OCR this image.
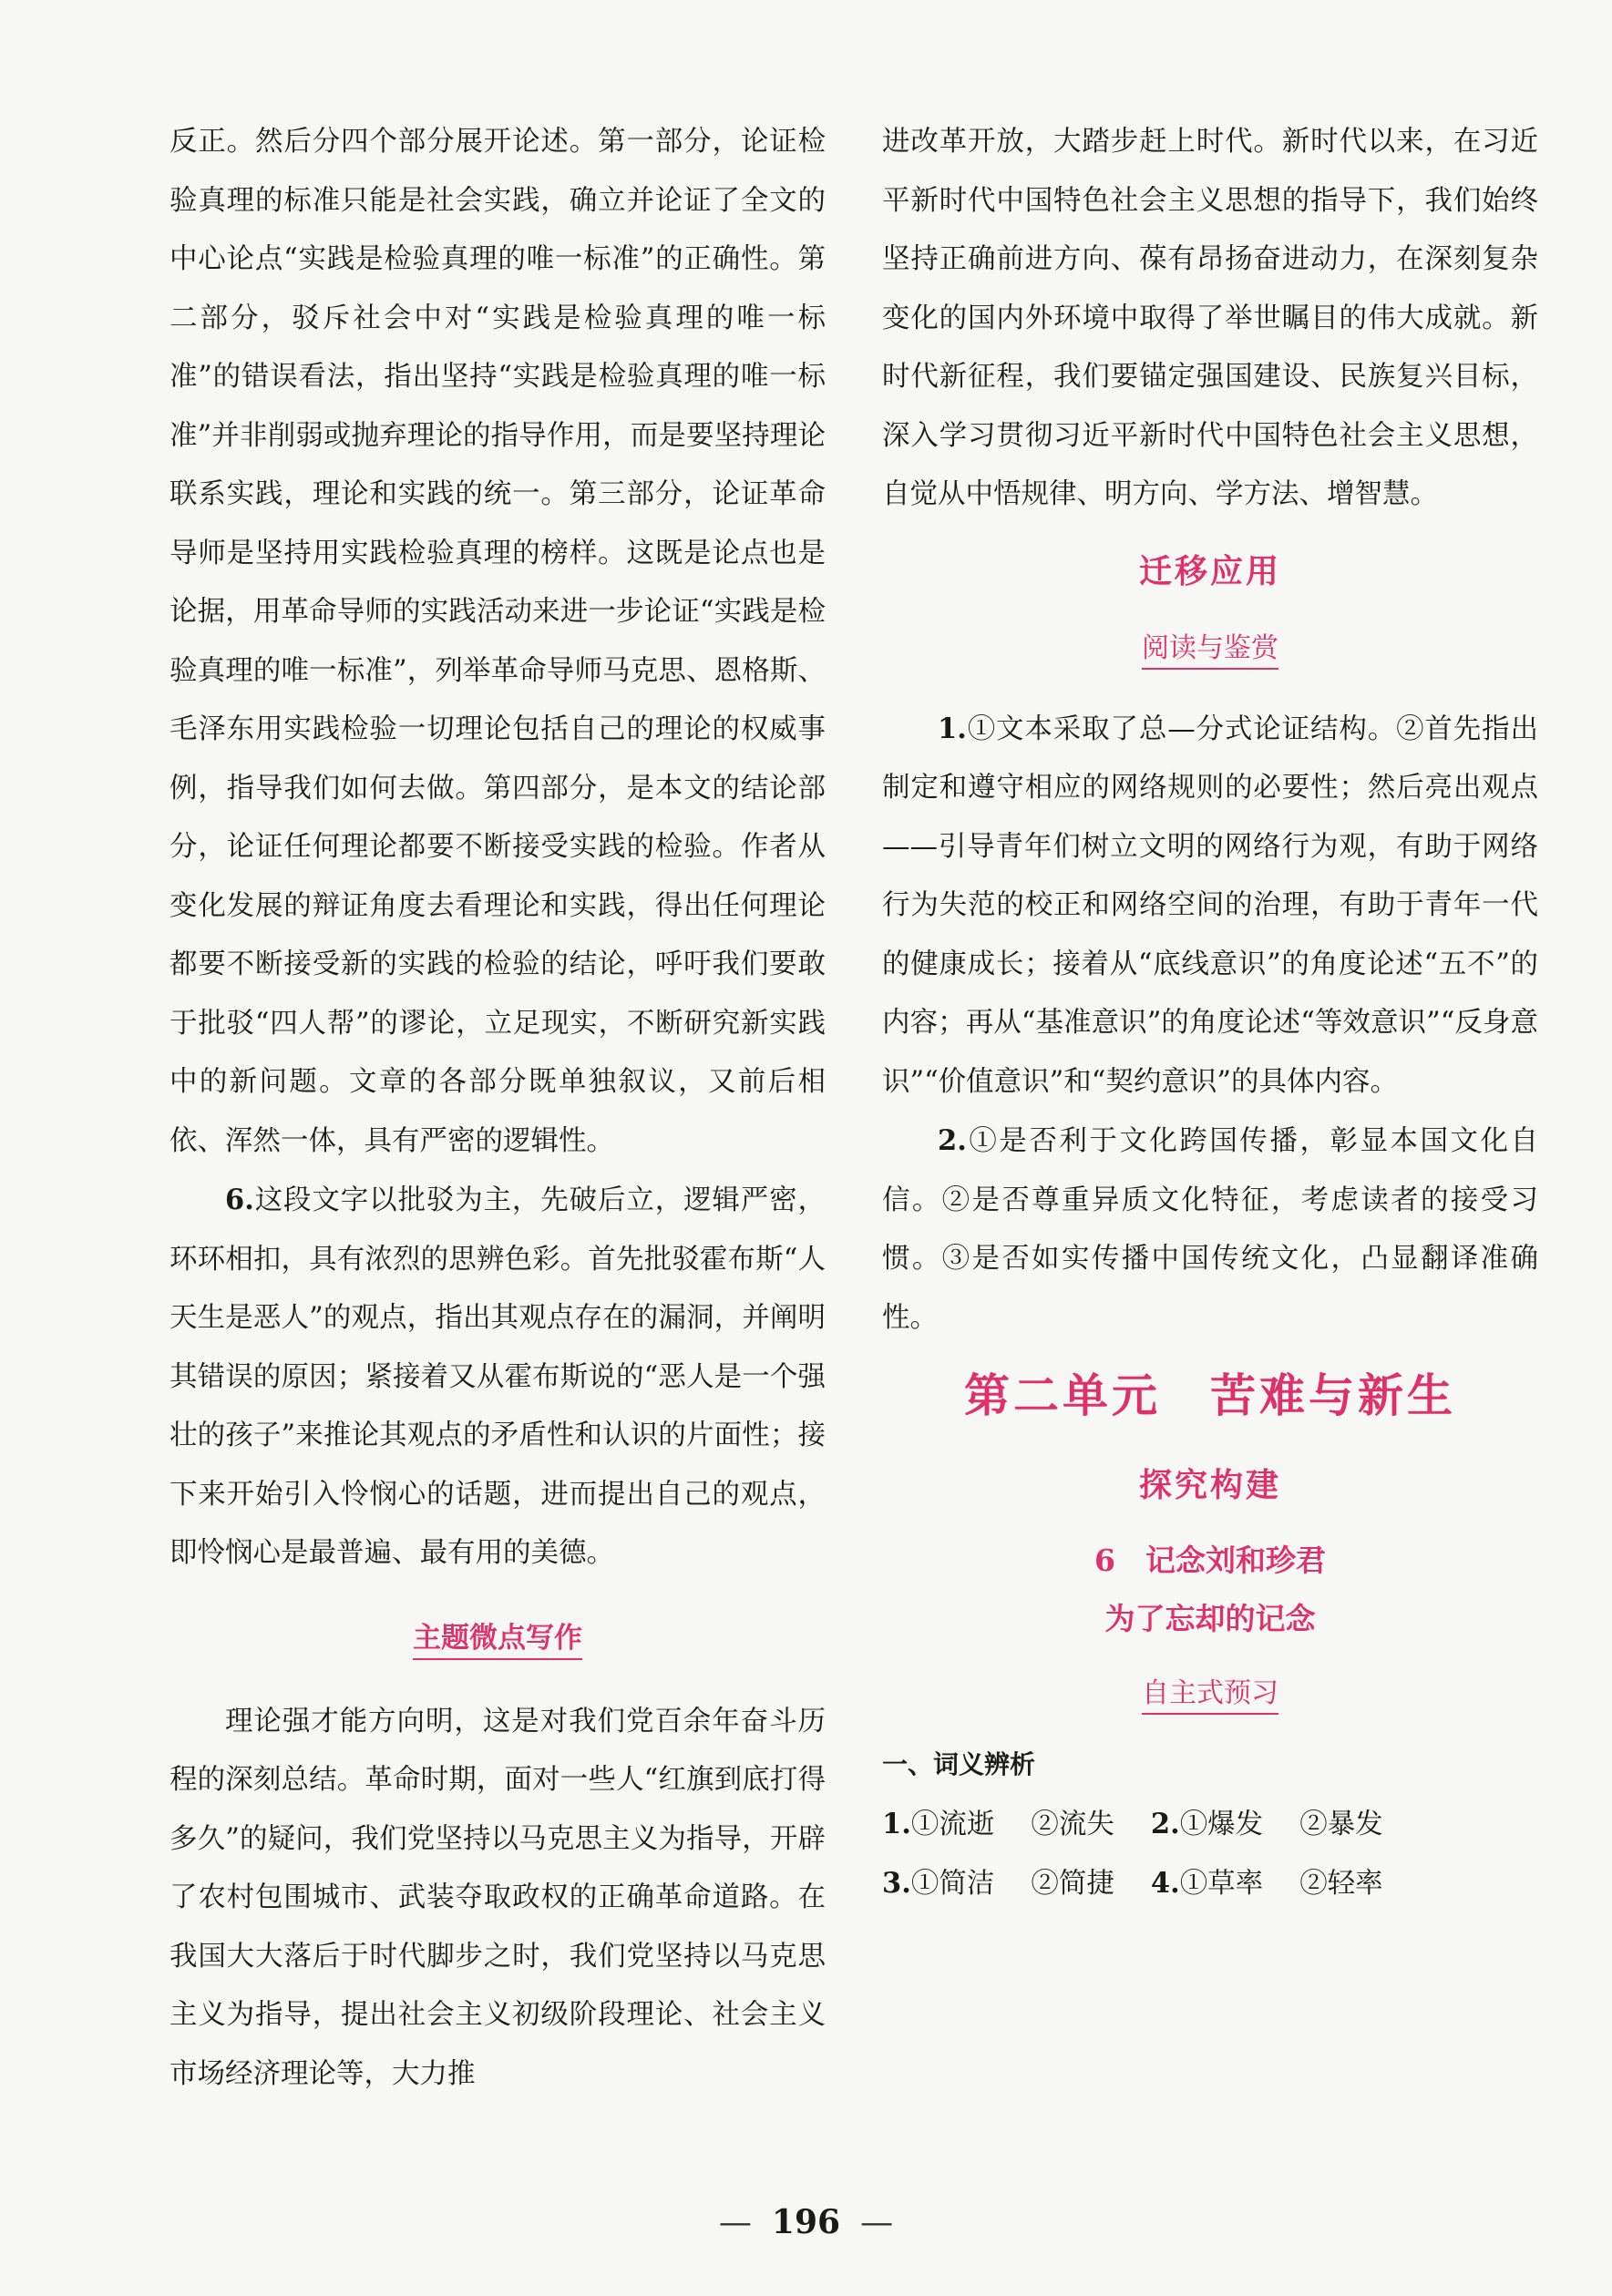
反正。然后分四个部分展开论述。第一部分，论证检验真理的标准只能是社会实践，确立并论证了全文的中心论点“实践是检验真理的唯一标准”的正确性。第二部分，驳斥社会中对“实践是检验真理的唯一标准”的错误看法，指出坚持“实践是检验真理的唯一标准”并非削弱或抛弃理论的指导作用，而是要坚持理论联系实践，理论和实践的统一。第三部分，论证革命导师是坚持用实践检验真理的榜样。这既是论点也是论据，用革命导师的实践活动来进一步论证“实践是检验真理的唯一标准”，列举革命导师马克思、恩格斯、毛泽东用实践检验一切理论包括自己的理论的权威事例，指导我们如何去做。第四部分，是本文的结论部分，论证任何理论都要不断接受实践的检验。作者从变化发展的辩证角度去看理论和实践，得出任何理论都要不断接受新的实践的检验的结论，呼吁我们要敢于批驳“四人帮”的谬论，立足现实，不断研究新实践中的新问题。文章的各部分既单独叙议，又前后相依、浑然一体，具有严密的逻辑性。

6.这段文字以批驳为主，先破后立，逻辑严密，环环相扣，具有浓烈的思辨色彩。首先批驳霍布斯“人天生是恶人”的观点，指出其观点存在的漏洞，并阐明其错误的原因；紧接着又从霍布斯说的“恶人是一个强壮的孩子”来推论其观点的矛盾性和认识的片面性；接下来开始引入怜悯心的话题，进而提出自己的观点，即怜悯心是最普遍、最有用的美德。

主题微点写作

理论强才能方向明，这是对我们党百余年奋斗历程的深刻总结。革命时期，面对一些人“红旗到底打得多久”的疑问，我们党坚持以马克思主义为指导，开辟了农村包围城市、武装夺取政权的正确革命道路。在我国大大落后于时代脚步之时，我们党坚持以马克思主义为指导，提出社会主义初级阶段理论、社会主义市场经济理论等，大力推

进改革开放，大踏步赶上时代。新时代以来，在习近平新时代中国特色社会主义思想的指导下，我们始终坚持正确前进方向、葆有昂扬奋进动力，在深刻复杂变化的国内外环境中取得了举世瞩目的伟大成就。新时代新征程，我们要锚定强国建设、民族复兴目标，深入学习贯彻习近平新时代中国特色社会主义思想，自觉从中悟规律、明方向、学方法、增智慧。

迁移应用
阅读与鉴赏

1.①文本采取了总—分式论证结构。②首先指出制定和遵守相应的网络规则的必要性；然后亮出观点——引导青年们树立文明的网络行为观，有助于网络行为失范的校正和网络空间的治理，有助于青年一代的健康成长；接着从“底线意识”的角度论述“五不”的内容；再从“基准意识”的角度论述“等效意识”“反身意识”“价值意识”和“契约意识”的具体内容。

2.①是否利于文化跨国传播，彰显本国文化自信。②是否尊重异质文化特征，考虑读者的接受习惯。③是否如实传播中国传统文化，凸显翻译准确性。

第二单元　苦难与新生
探究构建
6　记念刘和珍君
为了忘却的记念
自主式预习
一、词义辨析
1.①流逝 ②流失 2.①爆发 ②暴发
3.①简洁 ②简捷 4.①草率 ②轻率
— 196 —
